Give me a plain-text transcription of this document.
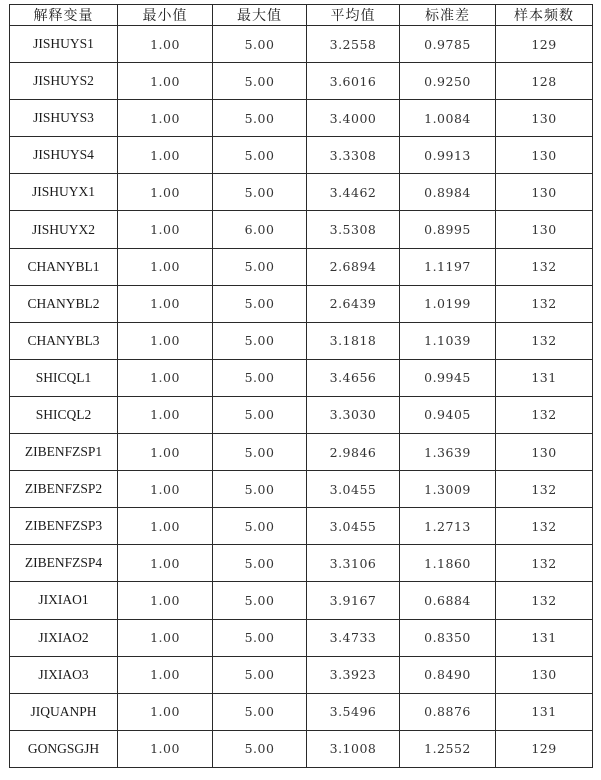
解释变量	最小值	最大值	平均值	标准差	样本频数
JISHUYS1	1.00	5.00	3.2558	0.9785	129
JISHUYS2	1.00	5.00	3.6016	0.9250	128
JISHUYS3	1.00	5.00	3.4000	1.0084	130
JISHUYS4	1.00	5.00	3.3308	0.9913	130
JISHUYX1	1.00	5.00	3.4462	0.8984	130
JISHUYX2	1.00	6.00	3.5308	0.8995	130
CHANYBL1	1.00	5.00	2.6894	1.1197	132
CHANYBL2	1.00	5.00	2.6439	1.0199	132
CHANYBL3	1.00	5.00	3.1818	1.1039	132
SHICQL1	1.00	5.00	3.4656	0.9945	131
SHICQL2	1.00	5.00	3.3030	0.9405	132
ZIBENFZSP1	1.00	5.00	2.9846	1.3639	130
ZIBENFZSP2	1.00	5.00	3.0455	1.3009	132
ZIBENFZSP3	1.00	5.00	3.0455	1.2713	132
ZIBENFZSP4	1.00	5.00	3.3106	1.1860	132
JIXIAO1	1.00	5.00	3.9167	0.6884	132
JIXIAO2	1.00	5.00	3.4733	0.8350	131
JIXIAO3	1.00	5.00	3.3923	0.8490	130
JIQUANPH	1.00	5.00	3.5496	0.8876	131
GONGSGJH	1.00	5.00	3.1008	1.2552	129
